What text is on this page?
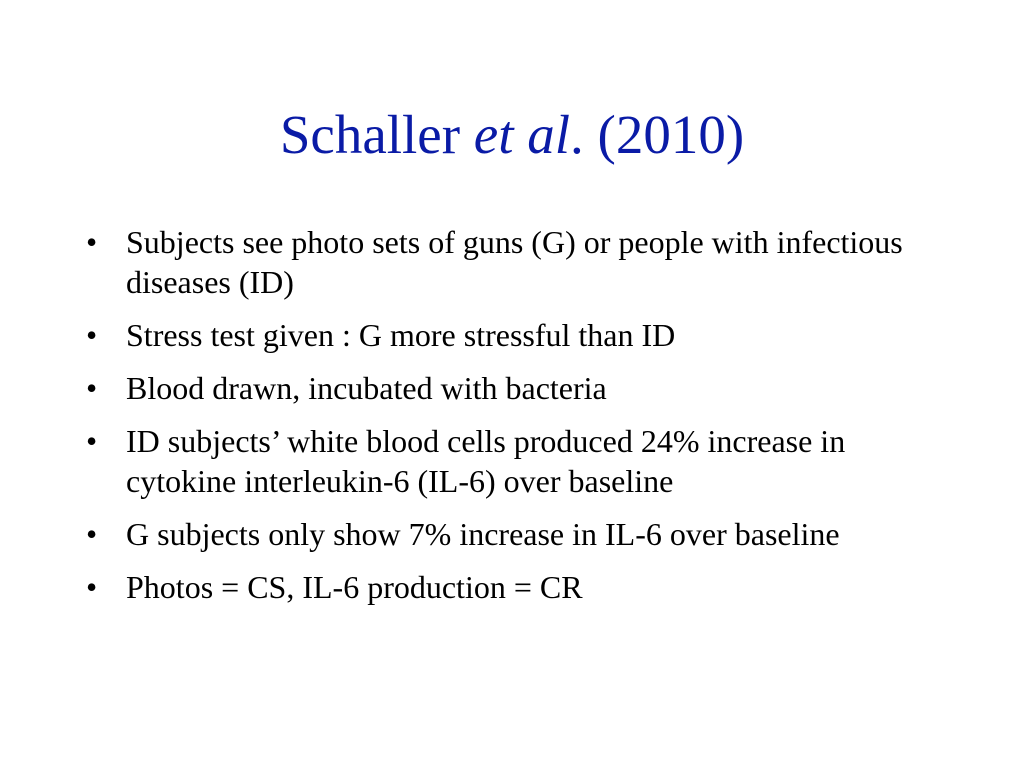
Schaller et al. (2010)
• Subjects see photo sets of guns (G) or people with infectious diseases (ID)
• Stress test given : G more stressful than ID
• Blood drawn, incubated with bacteria
• ID subjects’ white blood cells produced 24% increase in cytokine interleukin-6 (IL-6) over baseline
• G subjects only show 7% increase in IL-6 over baseline
• Photos = CS, IL-6 production = CR
